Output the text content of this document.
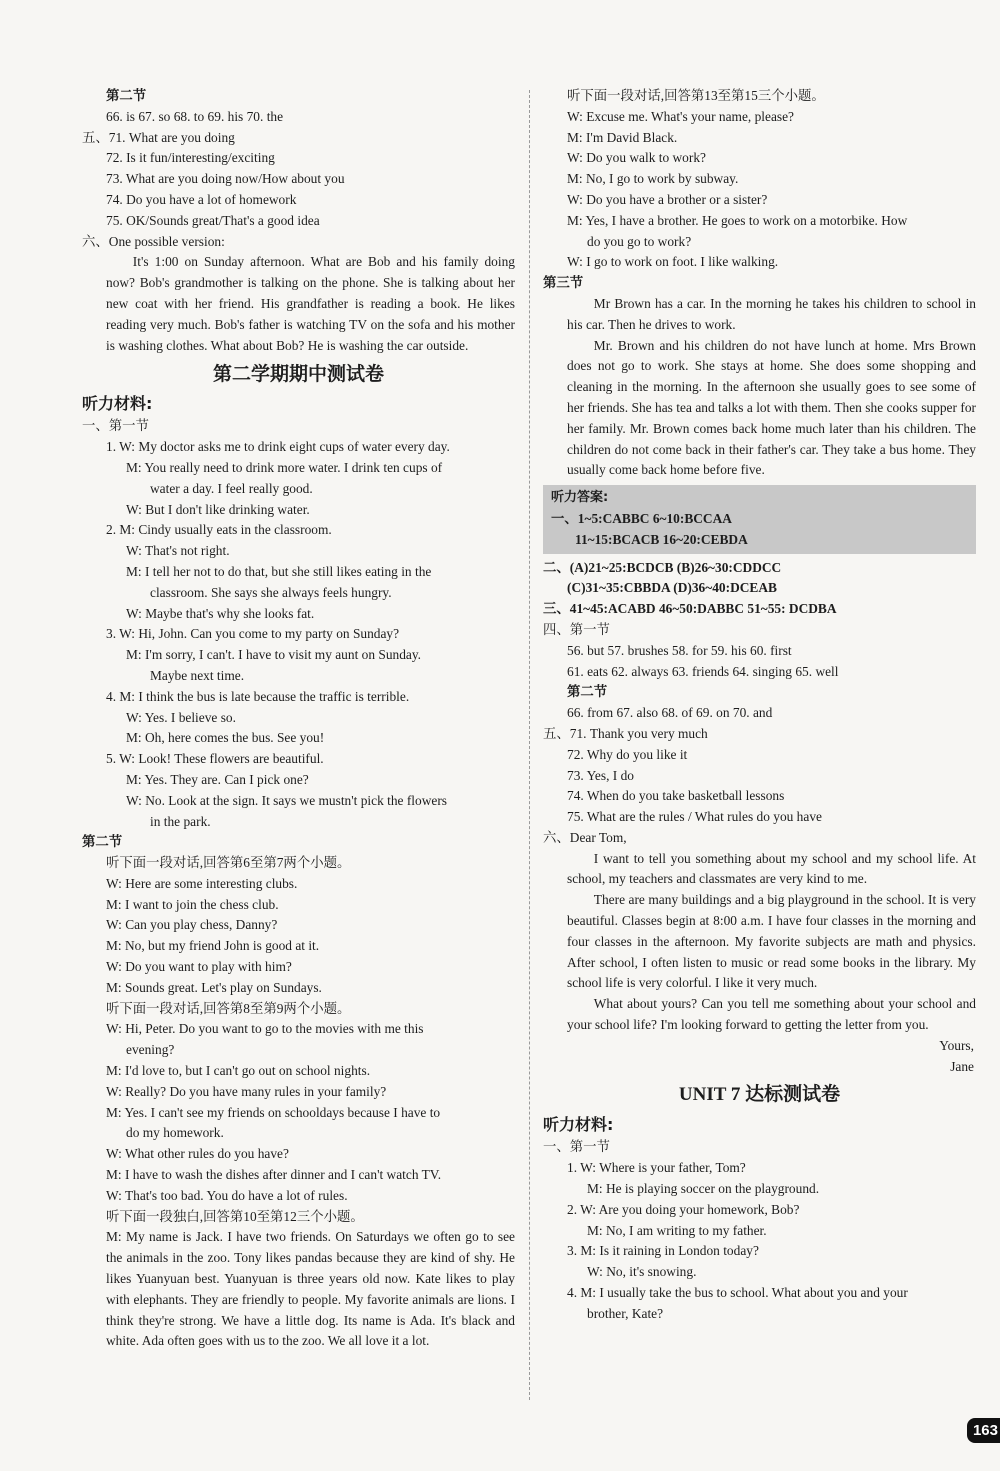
第二节
66. is 67. so 68. to 69. his 70. the
五、71. What are you doing
72. Is it fun/interesting/exciting
73. What are you doing now/How about you
74. Do you have a lot of homework
75. OK/Sounds great/That's a good idea
六、One possible version:

It's 1:00 on Sunday afternoon. What are Bob and his family doing now? Bob's grandmother is talking on the phone. She is talking about her new coat with her friend. His grandfather is reading a book. He likes reading very much. Bob's father is watching TV on the sofa and his mother is washing clothes. What about Bob? He is washing the car outside.

第二学期期中测试卷
听力材料:
一、第一节
1. W: My doctor asks me to drink eight cups of water every day.
M: You really need to drink more water. I drink ten cups of
water a day. I feel really good.
W: But I don't like drinking water.
2. M: Cindy usually eats in the classroom.
W: That's not right.
M: I tell her not to do that, but she still likes eating in the
classroom. She says she always feels hungry.
W: Maybe that's why she looks fat.
3. W: Hi, John. Can you come to my party on Sunday?
M: I'm sorry, I can't. I have to visit my aunt on Sunday.
Maybe next time.
4. M: I think the bus is late because the traffic is terrible.
W: Yes. I believe so.
M: Oh, here comes the bus. See you!
5. W: Look! These flowers are beautiful.
M: Yes. They are. Can I pick one?
W: No. Look at the sign. It says we mustn't pick the flowers
in the park.
第二节
听下面一段对话,回答第6至第7两个小题。
W: Here are some interesting clubs.
M: I want to join the chess club.
W: Can you play chess, Danny?
M: No, but my friend John is good at it.
W: Do you want to play with him?
M: Sounds great. Let's play on Sundays.
听下面一段对话,回答第8至第9两个小题。
W: Hi, Peter. Do you want to go to the movies with me this
evening?
M: I'd love to, but I can't go out on school nights.
W: Really? Do you have many rules in your family?
M: Yes. I can't see my friends on schooldays because I have to
do my homework.
W: What other rules do you have?
M: I have to wash the dishes after dinner and I can't watch TV.
W: That's too bad. You do have a lot of rules.
听下面一段独白,回答第10至第12三个小题。

M: My name is Jack. I have two friends. On Saturdays we often go to see the animals in the zoo. Tony likes pandas because they are kind of shy. He likes Yuanyuan best. Yuanyuan is three years old now. Kate likes to play with elephants. They are friendly to people. My favorite animals are lions. I think they're strong. We have a little dog. Its name is Ada. It's black and white. Ada often goes with us to the zoo. We all love it a lot.

听下面一段对话,回答第13至第15三个小题。
W: Excuse me. What's your name, please?
M: I'm David Black.
W: Do you walk to work?
M: No, I go to work by subway.
W: Do you have a brother or a sister?
M: Yes, I have a brother. He goes to work on a motorbike. How
do you go to work?
W: I go to work on foot. I like walking.
第三节

Mr Brown has a car. In the morning he takes his children to school in his car. Then he drives to work.

Mr. Brown and his children do not have lunch at home. Mrs Brown does not go to work. She stays at home. She does some shopping and cleaning in the morning. In the afternoon she usually goes to see some of her friends. She has tea and talks a lot with them. Then she cooks supper for her family. Mr. Brown comes back home much later than his children. The children do not come back in their father's car. They take a bus home. They usually come back home before five.

听力答案:
一、1~5:CABBC 6~10:BCCAA
11~15:BCACB 16~20:CEBDA
二、(A)21~25:BCDCB (B)26~30:CDDCC
(C)31~35:CBBDA (D)36~40:DCEAB
三、41~45:ACABD 46~50:DABBC 51~55: DCDBA
四、第一节
56. but 57. brushes 58. for 59. his 60. first
61. eats 62. always 63. friends 64. singing 65. well
第二节
66. from 67. also 68. of 69. on 70. and
五、71. Thank you very much
72. Why do you like it
73. Yes, I do
74. When do you take basketball lessons
75. What are the rules / What rules do you have
六、Dear Tom,

I want to tell you something about my school and my school life. At school, my teachers and classmates are very kind to me.

There are many buildings and a big playground in the school. It is very beautiful. Classes begin at 8:00 a.m. I have four classes in the morning and four classes in the afternoon. My favorite subjects are math and physics. After school, I often listen to music or read some books in the library. My school life is very colorful. I like it very much.

What about yours? Can you tell me something about your school and your school life? I'm looking forward to getting the letter from you.

Yours,
Jane
UNIT 7 达标测试卷
听力材料:
一、第一节
1. W: Where is your father, Tom?
M: He is playing soccer on the playground.
2. W: Are you doing your homework, Bob?
M: No, I am writing to my father.
3. M: Is it raining in London today?
W: No, it's snowing.
4. M: I usually take the bus to school. What about you and your
brother, Kate?
163
